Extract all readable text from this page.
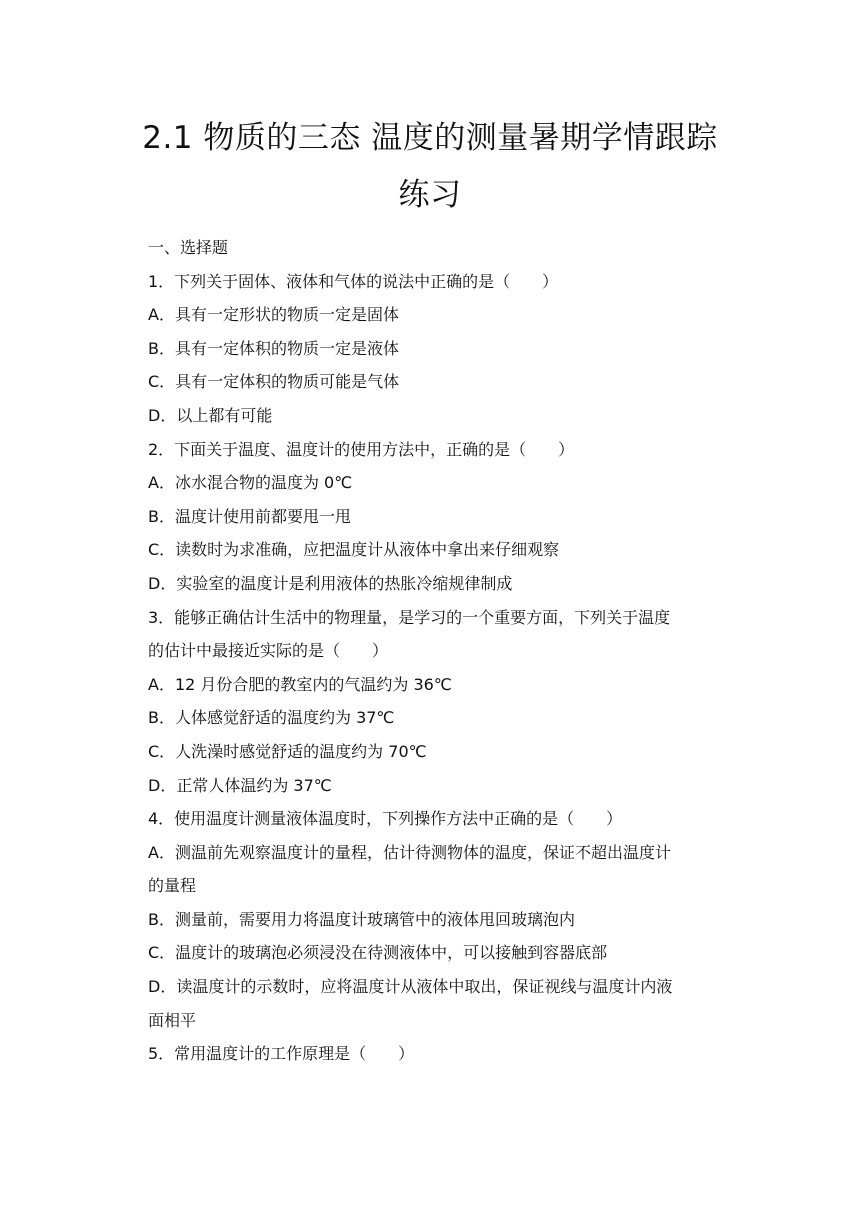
2.1 物质的三态 温度的测量暑期学情跟踪
练习

一、选择题

1．下列关于固体、液体和气体的说法中正确的是（　　）

A．具有一定形状的物质一定是固体

B．具有一定体积的物质一定是液体

C．具有一定体积的物质可能是气体

D．以上都有可能

2．下面关于温度、温度计的使用方法中，正确的是（　　）

A．冰水混合物的温度为 0℃

B．温度计使用前都要甩一甩

C．读数时为求准确，应把温度计从液体中拿出来仔细观察

D．实验室的温度计是利用液体的热胀冷缩规律制成

3．能够正确估计生活中的物理量，是学习的一个重要方面，下列关于温度

的估计中最接近实际的是（　　）

A．12 月份合肥的教室内的气温约为 36℃

B．人体感觉舒适的温度约为 37℃

C．人洗澡时感觉舒适的温度约为 70℃

D．正常人体温约为 37℃

4．使用温度计测量液体温度时，下列操作方法中正确的是（　　）

A．测温前先观察温度计的量程，估计待测物体的温度，保证不超出温度计

的量程

B．测量前，需要用力将温度计玻璃管中的液体甩回玻璃泡内

C．温度计的玻璃泡必须浸没在待测液体中，可以接触到容器底部

D．读温度计的示数时，应将温度计从液体中取出，保证视线与温度计内液

面相平

5．常用温度计的工作原理是（　　）
